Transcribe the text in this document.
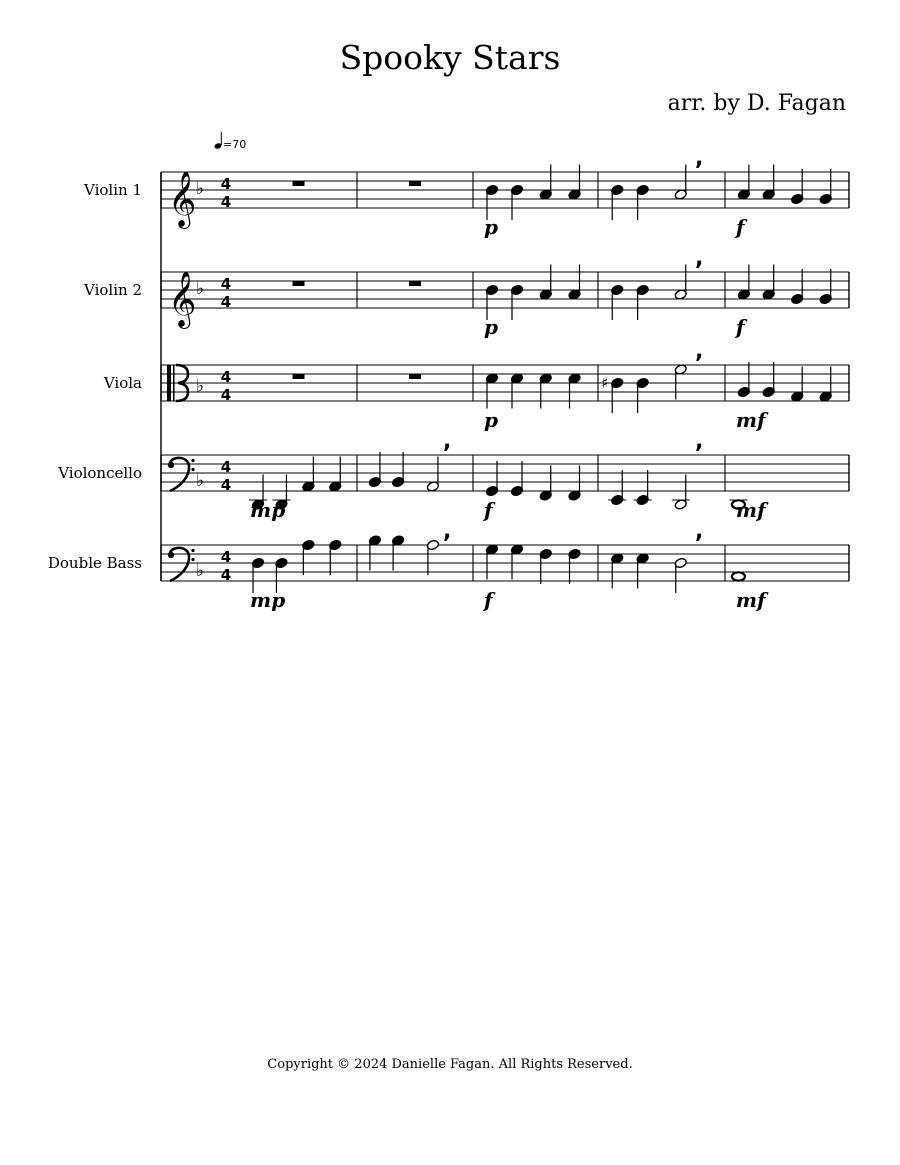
Spooky Stars
arr. by D. Fagan
=70
Violin 1 𝄞 ♭ 4
4
p
,
f
Violin 2 𝄞 ♭ 4
4
p
,
f
Viola	♭ 4
4
p
♯
,
mf
Violoncello	♭
4
4
mp
,
f
,
mf
Double Bass	♭
4
4
mp
,
f
,
mf
Copyright © 2024 Danielle Fagan. All Rights Reserved.
